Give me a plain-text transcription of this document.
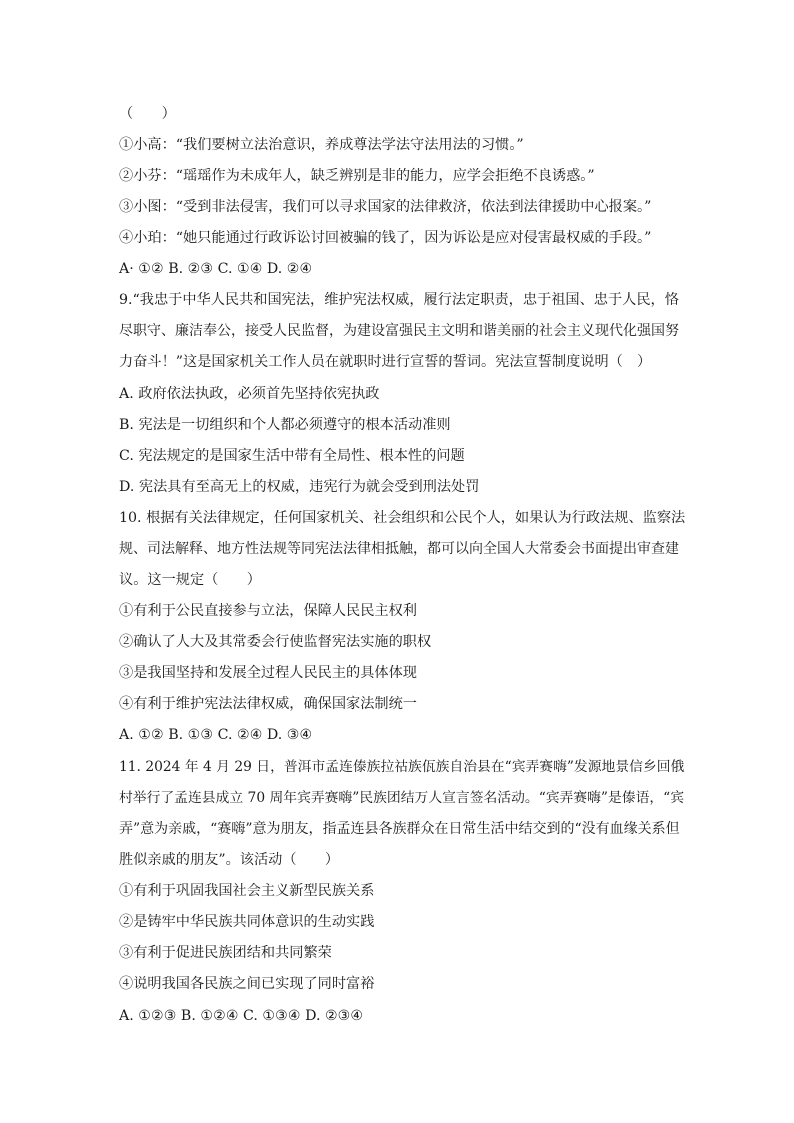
（　　）
①小高：“我们要树立法治意识，养成尊法学法守法用法的习惯。”
②小芬：“瑶瑶作为未成年人，缺乏辨别是非的能力，应学会拒绝不良诱惑。”
③小图：“受到非法侵害，我们可以寻求国家的法律救济，依法到法律援助中心报案。”
④小珀：“她只能通过行政诉讼讨回被骗的钱了，因为诉讼是应对侵害最权威的手段。”
A· ①② B. ②③ C. ①④ D. ②④
9.“我忠于中华人民共和国宪法，维护宪法权威，履行法定职责，忠于祖国、忠于人民，恪
尽职守、廉洁奉公，接受人民监督，为建设富强民主文明和谐美丽的社会主义现代化强国努
力奋斗！”这是国家机关工作人员在就职时进行宣誓的誓词。宪法宣誓制度说明（　）
A. 政府依法执政，必须首先坚持依宪执政
B. 宪法是一切组织和个人都必须遵守的根本活动准则
C. 宪法规定的是国家生活中带有全局性、根本性的问题
D. 宪法具有至高无上的权威，违宪行为就会受到刑法处罚
10. 根据有关法律规定，任何国家机关、社会组织和公民个人，如果认为行政法规、监察法
规、司法解释、地方性法规等同宪法法律相抵触，都可以向全国人大常委会书面提出审查建
议。这一规定（　　）
①有利于公民直接参与立法，保障人民民主权利
②确认了人大及其常委会行使监督宪法实施的职权
③是我国坚持和发展全过程人民民主的具体体现
④有利于维护宪法法律权威，确保国家法制统一
A. ①② B. ①③ C. ②④ D. ③④
11. 2024 年 4 月 29 日，普洱市孟连傣族拉祜族佤族自治县在“宾弄赛嗨”发源地景信乡回俄
村举行了孟连县成立 70 周年宾弄赛嗨”民族团结万人宣言签名活动。“宾弄赛嗨”是傣语，“宾
弄”意为亲戚，“赛嗨”意为朋友，指孟连县各族群众在日常生活中结交到的“没有血缘关系但
胜似亲戚的朋友”。该活动（　　）
①有利于巩固我国社会主义新型民族关系
②是铸牢中华民族共同体意识的生动实践
③有利于促进民族团结和共同繁荣
④说明我国各民族之间已实现了同时富裕
A. ①②③ B. ①②④ C. ①③④ D. ②③④
